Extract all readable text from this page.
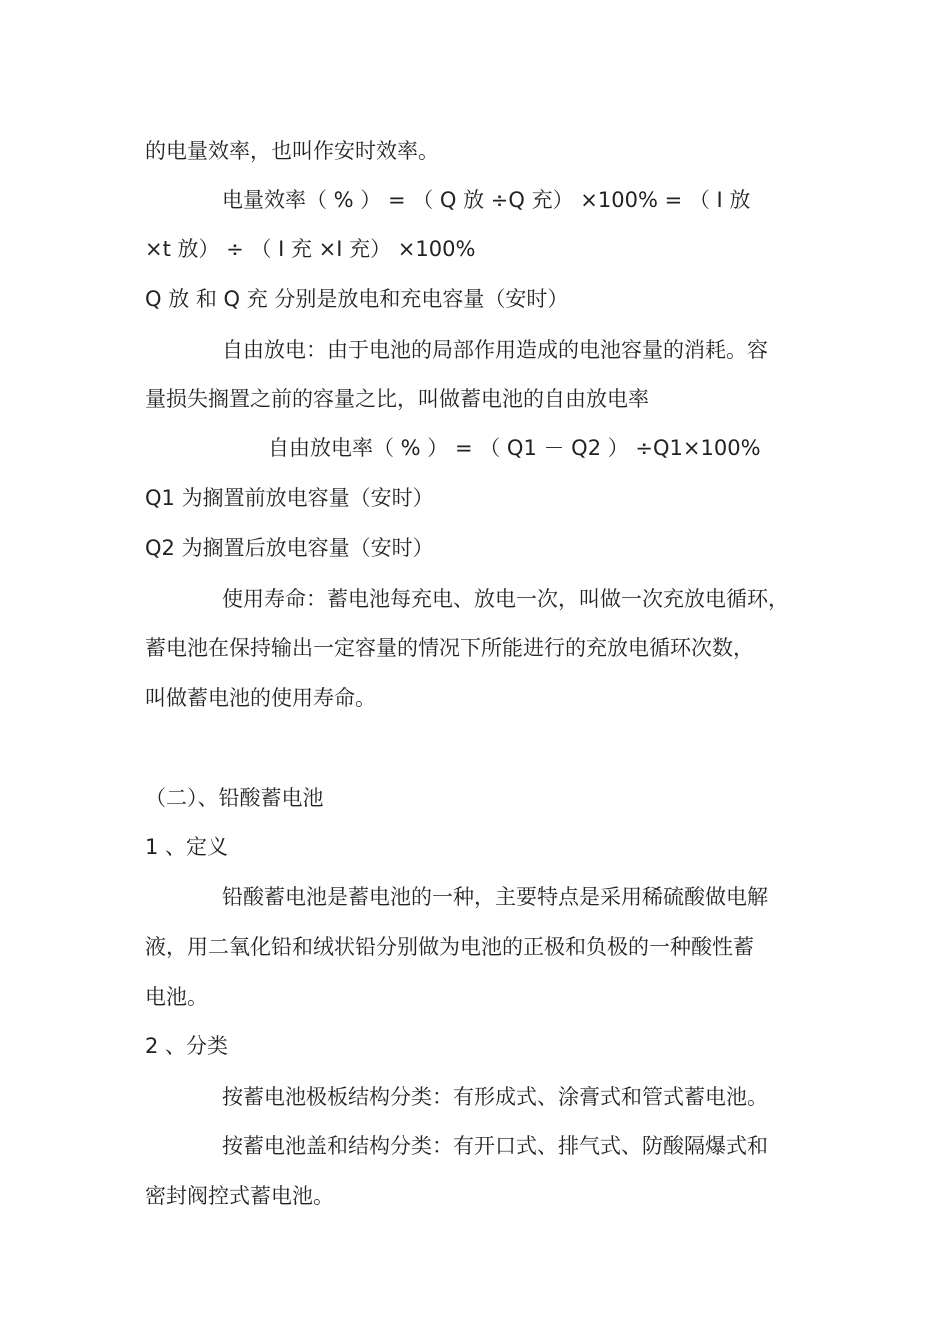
的电量效率，也叫作安时效率。
电量效率（ % ） = （ Q 放 ÷Q 充） ×100% = （ I 放
×t 放） ÷ （ I 充 ×I 充） ×100%
Q 放 和 Q 充 分别是放电和充电容量（安时）
自由放电：由于电池的局部作用造成的电池容量的消耗。容
量损失搁置之前的容量之比，叫做蓄电池的自由放电率
自由放电率（ % ） = （ Q1 － Q2 ） ÷Q1×100%
Q1 为搁置前放电容量（安时）
Q2 为搁置后放电容量（安时）
使用寿命：蓄电池每充电、放电一次，叫做一次充放电循环，
蓄电池在保持输出一定容量的情况下所能进行的充放电循环次数，
叫做蓄电池的使用寿命。
（二）、铅酸蓄电池
1 、定义
铅酸蓄电池是蓄电池的一种，主要特点是采用稀硫酸做电解
液，用二氧化铅和绒状铅分别做为电池的正极和负极的一种酸性蓄
电池。
2 、分类
按蓄电池极板结构分类：有形成式、涂膏式和管式蓄电池。
按蓄电池盖和结构分类：有开口式、排气式、防酸隔爆式和
密封阀控式蓄电池。
